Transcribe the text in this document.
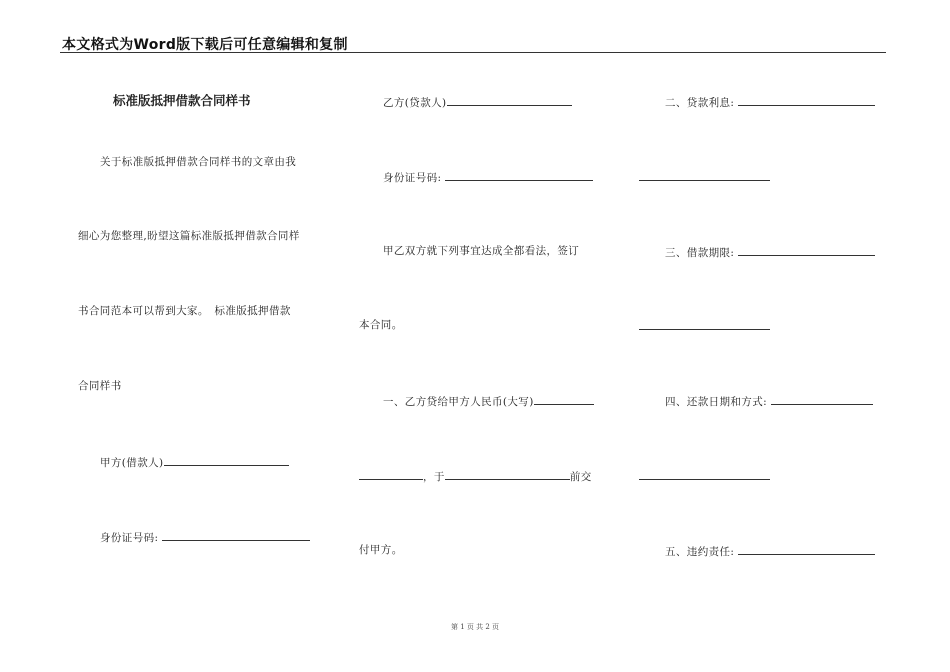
本文格式为Word版下载后可任意编辑和复制
标准版抵押借款合同样书
关于标准版抵押借款合同样书的文章由我
细心为您整理,盼望这篇标准版抵押借款合同样
书合同范本可以帮到大家。　标准版抵押借款
合同样书
甲方(借款人)
身份证号码:
乙方(贷款人)
身份证号码:
甲乙双方就下列事宜达成全都看法，签订
本合同。
一、乙方贷给甲方人民币(大写)
，于	前交
付甲方。
二、贷款利息:
三、借款期限:
四、还款日期和方式:
五、违约责任:
第 1 页 共 2 页
